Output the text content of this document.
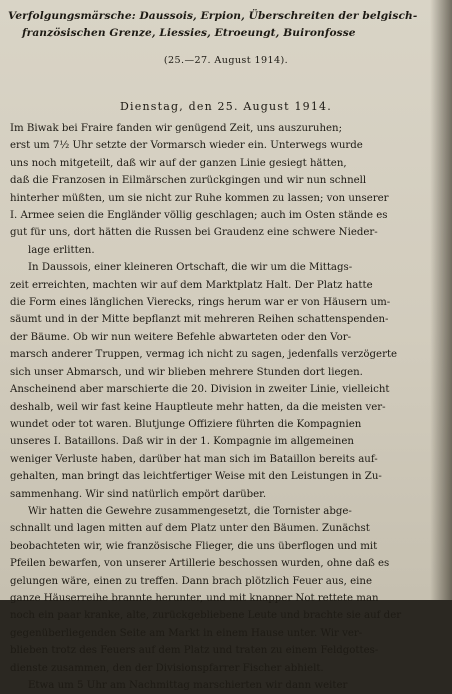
Verfolgungsmärsche: Daussois, Erpion, Überschreiten der belgisch-
französischen Grenze, Liessies, Etroeungt, Buironfosse
(25.—27. August 1914).
Dienstag, den 25. August 1914.

Im Biwak bei Fraire fanden wir genügend Zeit, uns auszuruhen;
erst um 7½ Uhr setzte der Vormarsch wieder ein. Unterwegs wurde
uns noch mitgeteilt, daß wir auf der ganzen Linie gesiegt hätten,
daß die Franzosen in Eilmärschen zurückgingen und wir nun schnell
hinterher müßten, um sie nicht zur Ruhe kommen zu lassen; von unserer
I. Armee seien die Engländer völlig geschlagen; auch im Osten stände es
gut für uns, dort hätten die Russen bei Graudenz eine schwere Nieder-
lage erlitten.

In Daussois, einer kleineren Ortschaft, die wir um die Mittags-
zeit erreichten, machten wir auf dem Marktplatz Halt. Der Platz hatte
die Form eines länglichen Vierecks, rings herum war er von Häusern um-
säumt und in der Mitte bepflanzt mit mehreren Reihen schattenspenden-
der Bäume. Ob wir nun weitere Befehle abwarteten oder den Vor-
marsch anderer Truppen, vermag ich nicht zu sagen, jedenfalls verzögerte
sich unser Abmarsch, und wir blieben mehrere Stunden dort liegen.
Anscheinend aber marschierte die 20. Division in zweiter Linie, vielleicht
deshalb, weil wir fast keine Hauptleute mehr hatten, da die meisten ver-
wundet oder tot waren. Blutjunge Offiziere führten die Kompagnien
unseres I. Bataillons. Daß wir in der 1. Kompagnie im allgemeinen
weniger Verluste haben, darüber hat man sich im Bataillon bereits auf-
gehalten, man bringt das leichtfertiger Weise mit den Leistungen in Zu-
sammenhang. Wir sind natürlich empört darüber.

Wir hatten die Gewehre zusammengesetzt, die Tornister abge-
schnallt und lagen mitten auf dem Platz unter den Bäumen. Zunächst
beobachteten wir, wie französische Flieger, die uns überflogen und mit
Pfeilen bewarfen, von unserer Artillerie beschossen wurden, ohne daß es
gelungen wäre, einen zu treffen. Dann brach plötzlich Feuer aus, eine
ganze Häuserreihe brannte herunter, und mit knapper Not rettete man
noch ein paar kranke, alte, zurückgebliebene Leute und brachte sie auf der
gegenüberliegenden Seite am Markt in einem Hause unter. Wir ver-
blieben trotz des Feuers auf dem Platz und traten zu einem Feldgottes-
dienste zusammen, den der Divisionspfarrer Fischer abhielt.
Etwa um 5 Uhr am Nachmittag marschierten wir dann weiter
